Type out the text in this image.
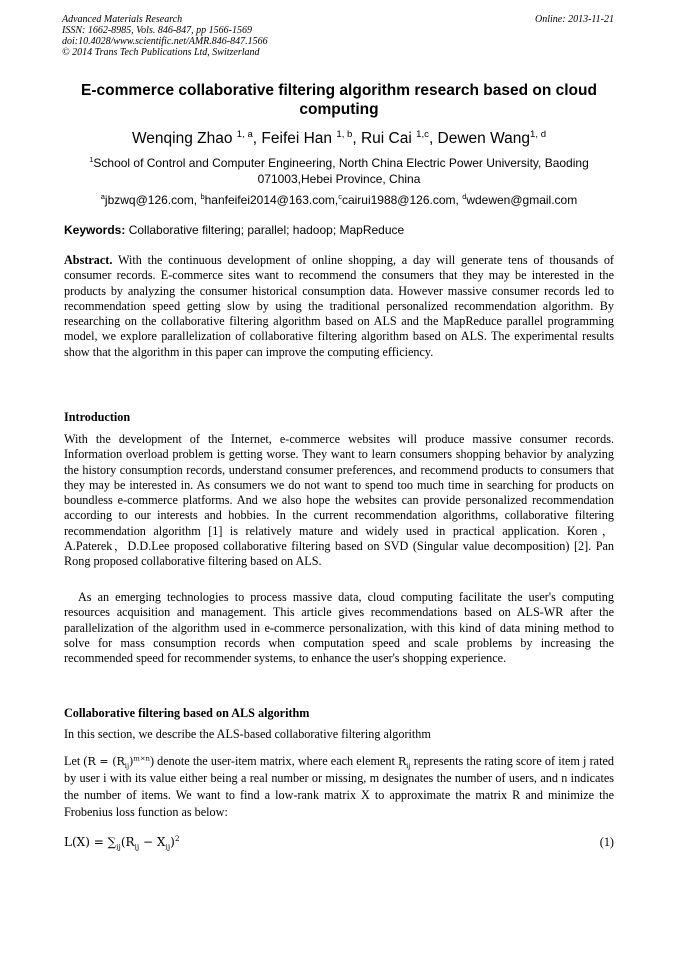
Advanced Materials Research
ISSN: 1662-8985, Vols. 846-847, pp 1566-1569
doi:10.4028/www.scientific.net/AMR.846-847.1566
© 2014 Trans Tech Publications Ltd, Switzerland
Online: 2013-11-21
E-commerce collaborative filtering algorithm research based on cloud computing
Wenqing Zhao $^{1, a}$, Feifei Han $^{1, b}$, Rui Cai $^{1,c}$, Dewen Wang$^{1, d}$
$^1$School of Control and Computer Engineering, North China Electric Power University, Baoding 071003,Hebei Province, China
$^a$jbzwq@126.com, $^b$hanfeifei2014@163.com,$^c$cairui1988@126.com, $^d$wdewen@gmail.com
Keywords: Collaborative filtering; parallel; hadoop; MapReduce
Abstract. With the continuous development of online shopping, a day will generate tens of thousands of consumer records. E-commerce sites want to recommend the consumers that they may be interested in the products by analyzing the consumer historical consumption data. However massive consumer records led to recommendation speed getting slow by using the traditional personalized recommendation algorithm. By researching on the collaborative filtering algorithm based on ALS and the MapReduce parallel programming model, we explore parallelization of collaborative filtering algorithm based on ALS. The experimental results show that the algorithm in this paper can improve the computing efficiency.
Introduction
With the development of the Internet, e-commerce websites will produce massive consumer records. Information overload problem is getting worse. They want to learn consumers shopping behavior by analyzing the history consumption records, understand consumer preferences, and recommend products to consumers that they may be interested in. As consumers we do not want to spend too much time in searching for products on boundless e-commerce platforms. And we also hope the websites can provide personalized recommendation according to our interests and hobbies. In the current recommendation algorithms, collaborative filtering recommendation algorithm [1] is relatively mature and widely used in practical application. Koren，A.Paterek，D.D.Lee proposed collaborative filtering based on SVD (Singular value decomposition) [2]. Pan Rong proposed collaborative filtering based on ALS.
As an emerging technologies to process massive data, cloud computing facilitate the user's computing resources acquisition and management. This article gives recommendations based on ALS-WR after the parallelization of the algorithm used in e-commerce personalization, with this kind of data mining method to solve for mass consumption records when computation speed and scale problems by increasing the recommended speed for recommender systems, to enhance the user's shopping experience.
Collaborative filtering based on ALS algorithm
In this section, we describe the ALS-based collaborative filtering algorithm
Let $(R = (R_{ij})^{m\times n})$ denote the user-item matrix, where each element $R_{ij}$ represents the rating score of item j rated by user i with its value either being a real number or missing, m designates the number of users, and n indicates the number of items. We want to find a low-rank matrix X to approximate the matrix R and minimize the Frobenius loss function as below:
$L(X) = \sum_{ij}(R_{ij} - X_{ij})^2$	(1)
